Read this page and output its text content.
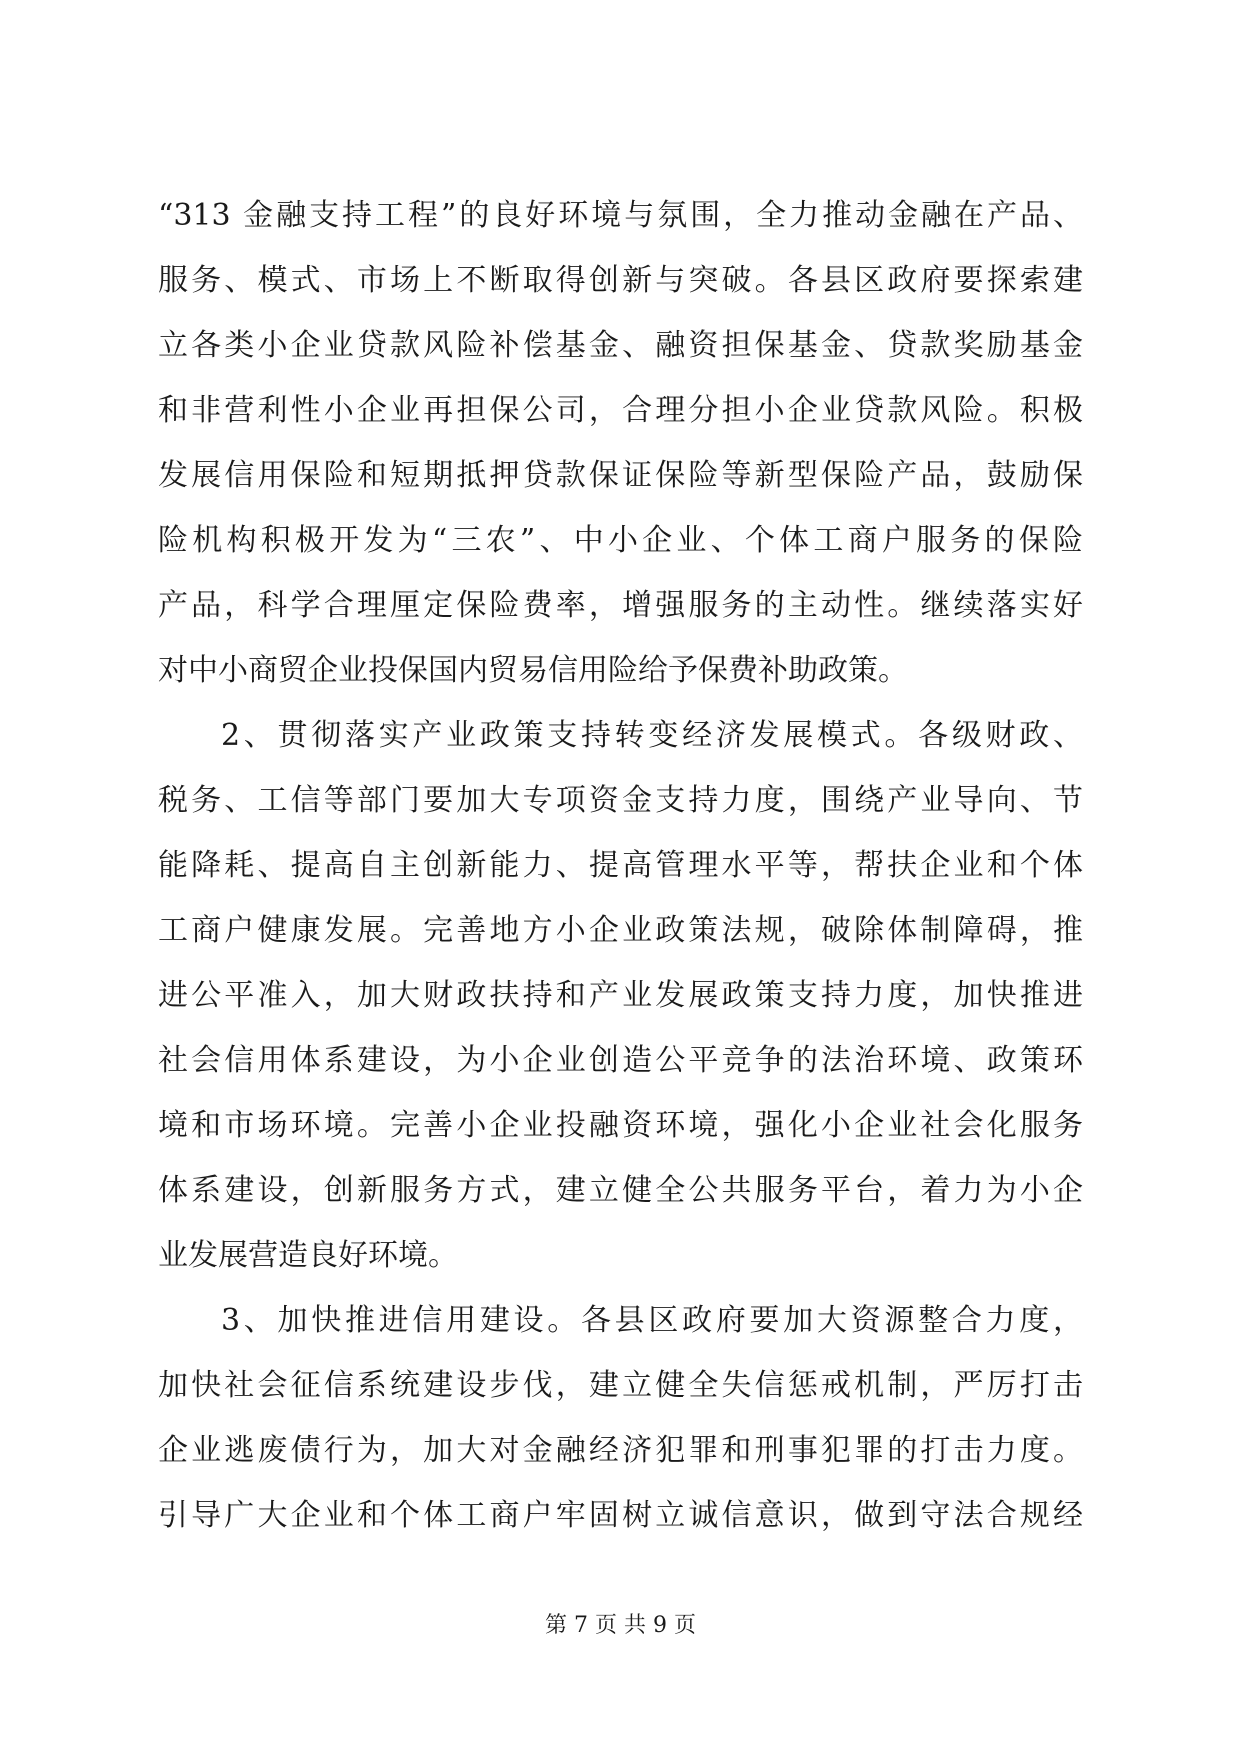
“313 金融支持工程”的良好环境与氛围，全力推动金融在产品、
服务、模式、市场上不断取得创新与突破。各县区政府要探索建
立各类小企业贷款风险补偿基金、融资担保基金、贷款奖励基金
和非营利性小企业再担保公司，合理分担小企业贷款风险。积极
发展信用保险和短期抵押贷款保证保险等新型保险产品，鼓励保
险机构积极开发为“三农”、中小企业、个体工商户服务的保险
产品，科学合理厘定保险费率，增强服务的主动性。继续落实好
对中小商贸企业投保国内贸易信用险给予保费补助政策。
2、贯彻落实产业政策支持转变经济发展模式。各级财政、
税务、工信等部门要加大专项资金支持力度，围绕产业导向、节
能降耗、提高自主创新能力、提高管理水平等，帮扶企业和个体
工商户健康发展。完善地方小企业政策法规，破除体制障碍，推
进公平准入，加大财政扶持和产业发展政策支持力度，加快推进
社会信用体系建设，为小企业创造公平竞争的法治环境、政策环
境和市场环境。完善小企业投融资环境，强化小企业社会化服务
体系建设，创新服务方式，建立健全公共服务平台，着力为小企
业发展营造良好环境。
3、加快推进信用建设。各县区政府要加大资源整合力度，
加快社会征信系统建设步伐，建立健全失信惩戒机制，严厉打击
企业逃废债行为，加大对金融经济犯罪和刑事犯罪的打击力度。
引导广大企业和个体工商户牢固树立诚信意识，做到守法合规经
第 7 页 共 9 页
